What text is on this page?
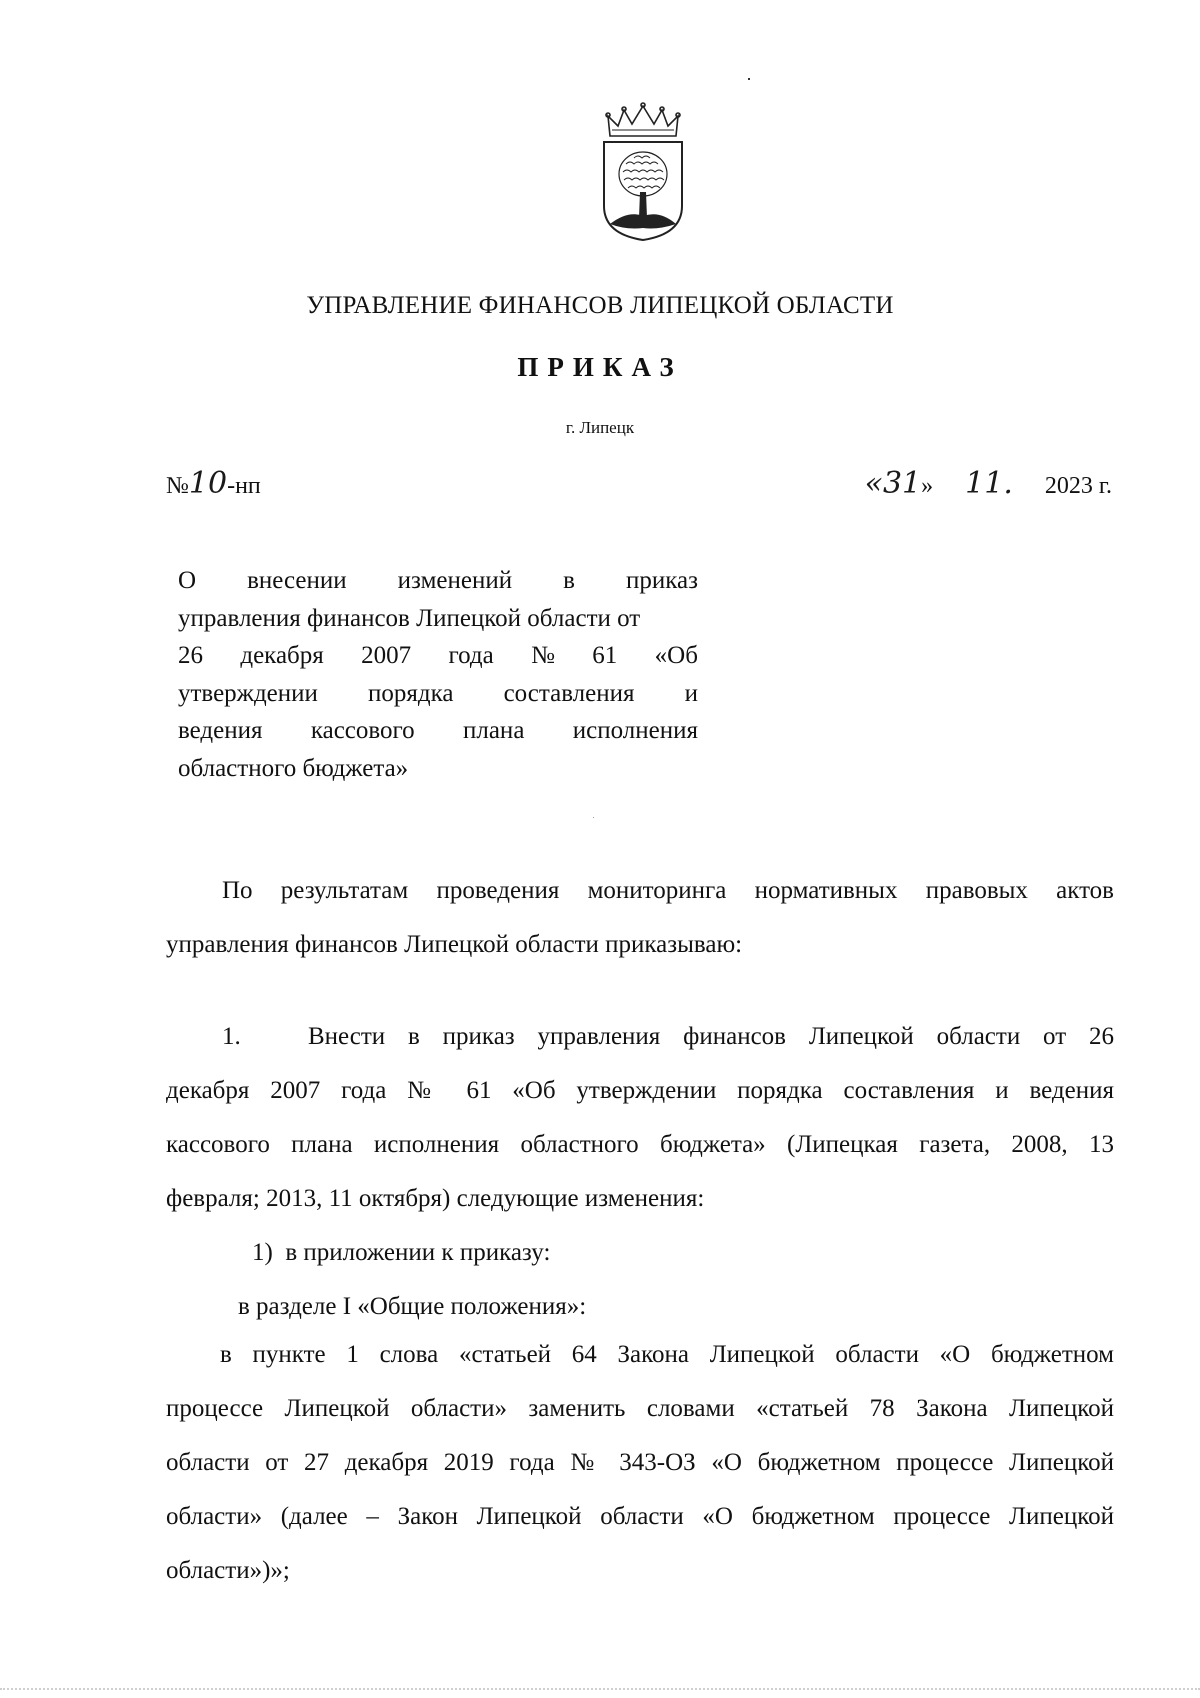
УПРАВЛЕНИЕ ФИНАНСОВ ЛИПЕЦКОЙ ОБЛАСТИ
ПРИКАЗ
г. Липецк
№10-нп	«31» 11. 2023 г.
О внесении изменений в приказ
управления финансов Липецкой области от
26 декабря 2007 года № 61 «Об
утверждении порядка составления и
ведения кассового плана исполнения
областного бюджета»
По результатам проведения мониторинга нормативных правовых актов
управления финансов Липецкой области приказываю:
1.	Внести в приказ управления финансов Липецкой области от 26
декабря 2007 года № 61 «Об утверждении порядка составления и ведения
кассового плана исполнения областного бюджета» (Липецкая газета, 2008, 13
февраля; 2013, 11 октября) следующие изменения:
1)  в приложении к приказу:
в разделе I «Общие положения»:
в пункте 1 слова «статьей 64 Закона Липецкой области «О бюджетном
процессе Липецкой области» заменить словами «статьей 78 Закона Липецкой
области от 27 декабря 2019 года № 343-ОЗ «О бюджетном процессе Липецкой
области» (далее – Закон Липецкой области «О бюджетном процессе Липецкой
области»)»;
